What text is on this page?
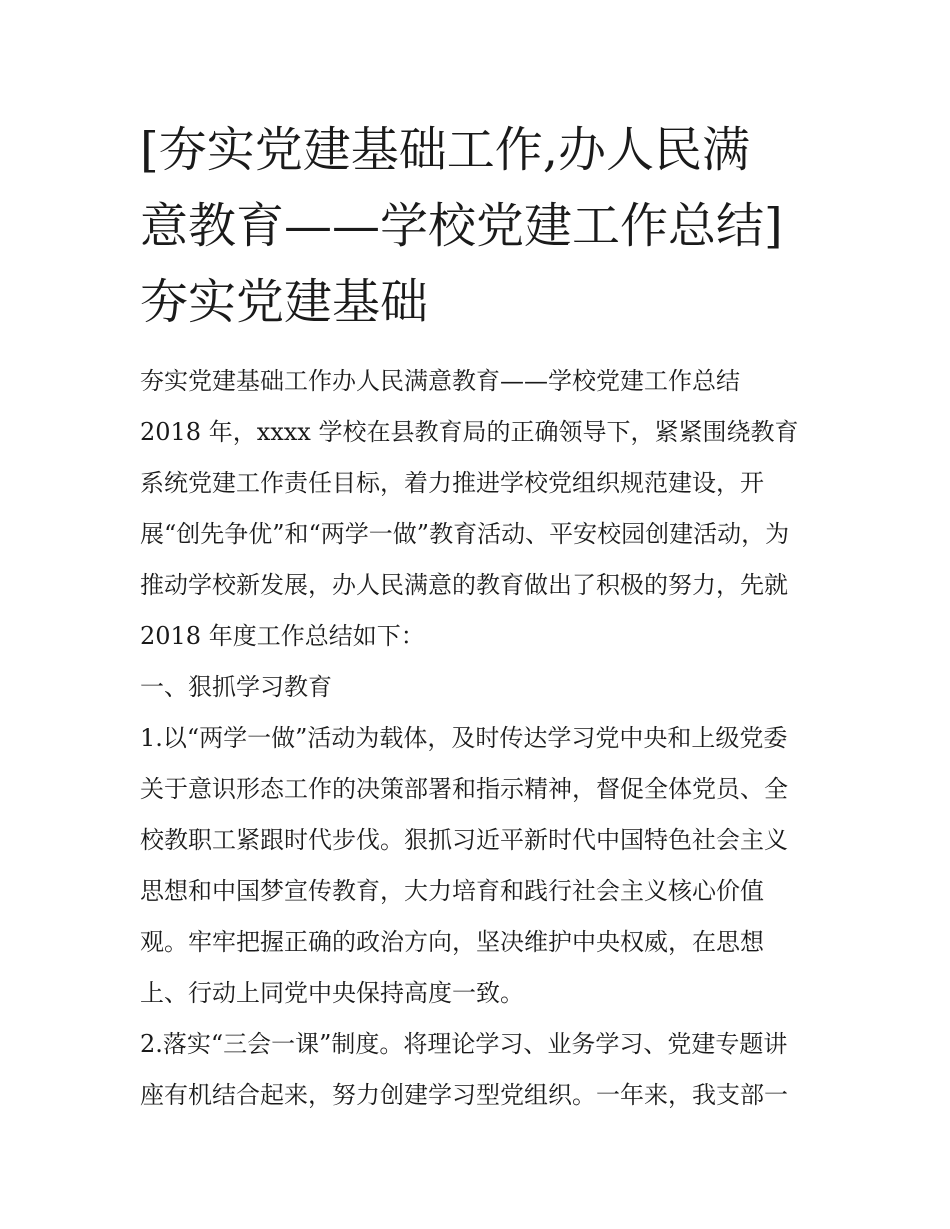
[夯实党建基础工作,办人民满
意教育——学校党建工作总结]
夯实党建基础
夯实党建基础工作办人民满意教育——学校党建工作总结
2018 年，xxxx 学校在县教育局的正确领导下，紧紧围绕教育
系统党建工作责任目标，着力推进学校党组织规范建设，开
展“创先争优”和“两学一做”教育活动、平安校园创建活动，为
推动学校新发展，办人民满意的教育做出了积极的努力，先就
2018 年度工作总结如下：
一、狠抓学习教育
1.以“两学一做”活动为载体，及时传达学习党中央和上级党委
关于意识形态工作的决策部署和指示精神，督促全体党员、全
校教职工紧跟时代步伐。狠抓习近平新时代中国特色社会主义
思想和中国梦宣传教育，大力培育和践行社会主义核心价值
观。牢牢把握正确的政治方向，坚决维护中央权威，在思想
上、行动上同党中央保持高度一致。
2.落实“三会一课”制度。将理论学习、业务学习、党建专题讲
座有机结合起来，努力创建学习型党组织。一年来，我支部一
